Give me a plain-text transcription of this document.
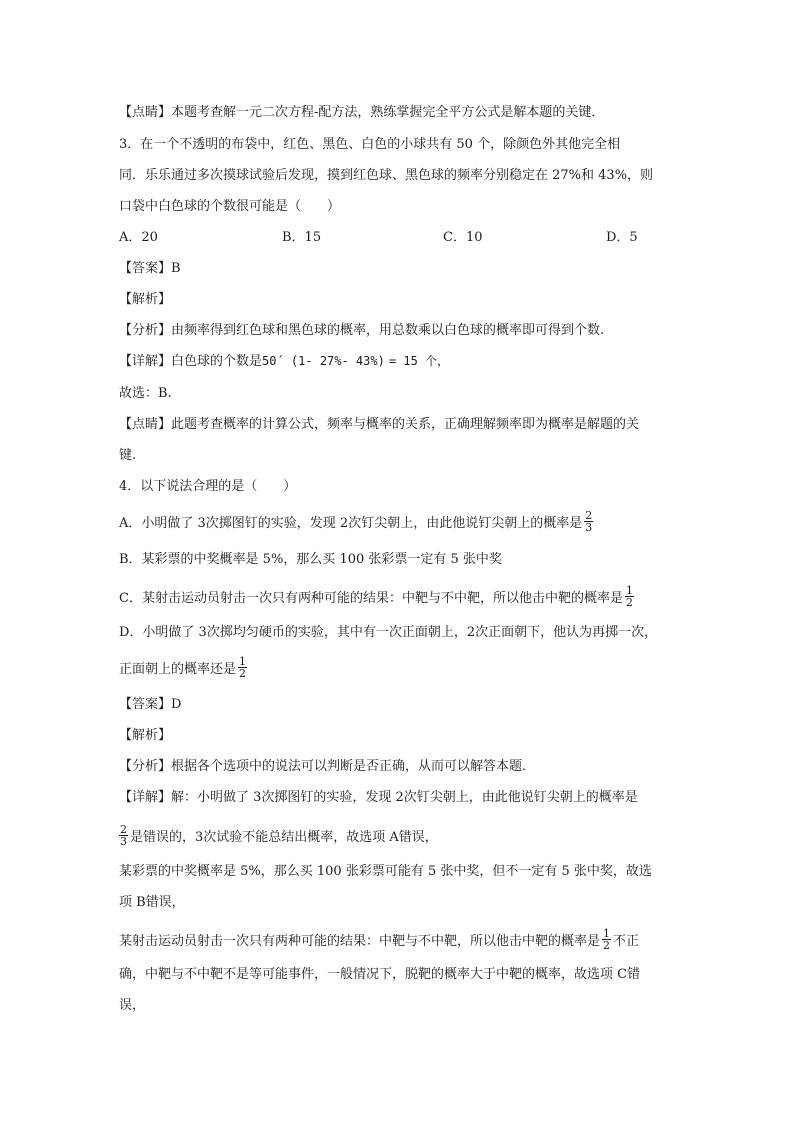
【点睛】本题考查解一元二次方程-配方法，熟练掌握完全平方公式是解本题的关键．
3．在一个不透明的布袋中，红色、黑色、白色的小球共有 50 个，除颜色外其他完全相
同．乐乐通过多次摸球试验后发现，摸到红色球、黑色球的频率分别稳定在 27%和 43%，则
口袋中白色球的个数很可能是（　　）
A．20	B．15	C．10	D．5
【答案】B
【解析】
【分析】由频率得到红色球和黑色球的概率，用总数乘以白色球的概率即可得到个数.
【详解】白色球的个数是50´ (1- 27%- 43%) = 15 个，
故选：B.
【点睛】此题考查概率的计算公式，频率与概率的关系，正确理解频率即为概率是解题的关
键.
4．以下说法合理的是（　　）
A．小明做了 3次掷图钉的实验，发现 2次钉尖朝上，由此他说钉尖朝上的概率是 $\frac{2}{3}$
B．某彩票的中奖概率是 5%，那么买 100 张彩票一定有 5 张中奖
C．某射击运动员射击一次只有两种可能的结果：中靶与不中靶，所以他击中靶的概率是 $\frac{1}{2}$
D．小明做了 3次掷均匀硬币的实验，其中有一次正面朝上，2次正面朝下，他认为再掷一次，
正面朝上的概率还是 $\frac{1}{2}$
【答案】D
【解析】
【分析】根据各个选项中的说法可以判断是否正确，从而可以解答本题．
【详解】解：小明做了 3次掷图钉的实验，发现 2次钉尖朝上，由此他说钉尖朝上的概率是
$\frac{2}{3}$ 是错误的，3次试验不能总结出概率，故选项 A错误，
某彩票的中奖概率是 5%，那么买 100 张彩票可能有 5 张中奖，但不一定有 5 张中奖，故选
项 B错误，
某射击运动员射击一次只有两种可能的结果：中靶与不中靶，所以他击中靶的概率是 $\frac{1}{2}$ 不正
确，中靶与不中靶不是等可能事件，一般情况下，脱靶的概率大于中靶的概率，故选项 C错
误，
